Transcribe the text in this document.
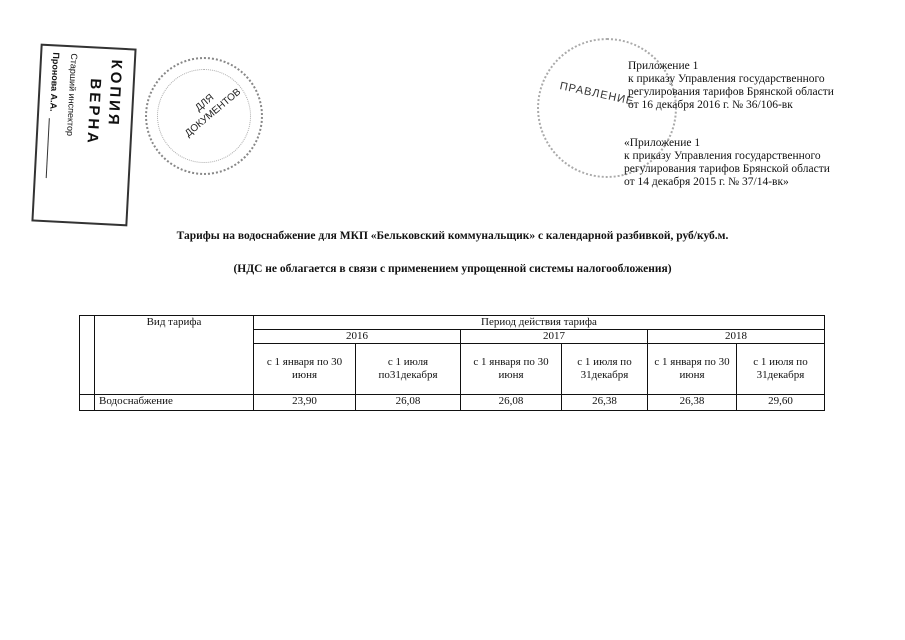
КОПИЯ
ВЕРНА
Старший инспектор
Пронова А.А.	ДЛЯ ДОКУМЕНТОВ	ПРАВЛЕНИЕ
Приложение 1
к приказу Управления государственного
регулирования тарифов Брянской области
от 16 декабря 2016 г. № 36/106-вк
«Приложение 1
к приказу Управления государственного
регулирования тарифов Брянской области
от 14 декабря 2015 г. № 37/14-вк»
Тарифы на водоснабжение для МКП «Бельковский коммунальщик» с календарной разбивкой, руб/куб.м.
(НДС не облагается в связи с применением упрощенной системы налогообложения)
	Вид тарифа	Период действия тарифа					
		2016		2017		2018	
		с 1 января по 30 июня	с 1 июля по31декабря	с 1 января по 30 июня	с 1 июля по 31декабря	с 1 января по 30 июня	с 1 июля по 31декабря
	Водоснабжение	23,90	26,08	26,08	26,38	26,38	29,60
